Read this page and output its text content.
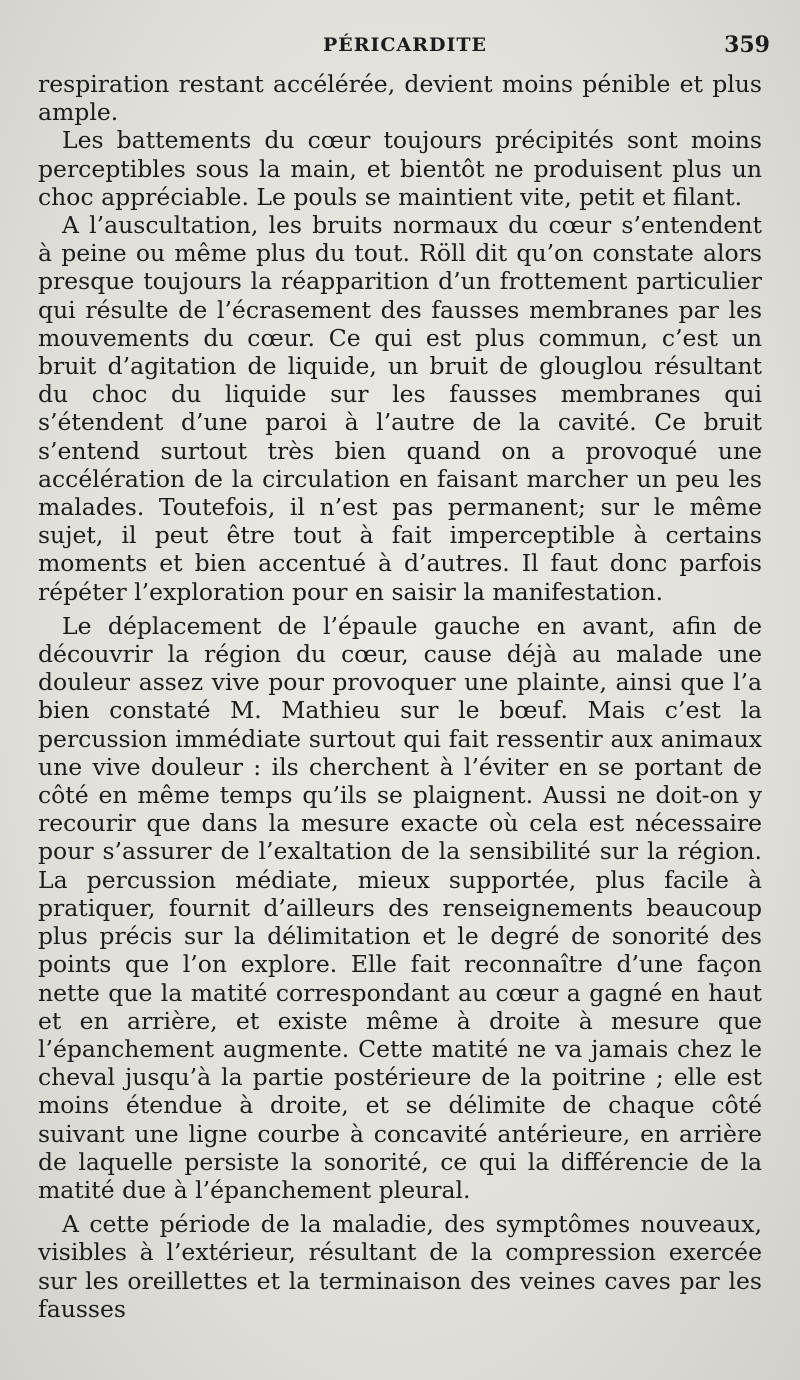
PÉRICARDITE	359

respiration restant accélérée, devient moins pénible et plus ample.

Les battements du cœur toujours précipités sont moins perceptibles sous la main, et bientôt ne produisent plus un choc appréciable. Le pouls se maintient vite, petit et filant.

A l’auscultation, les bruits normaux du cœur s’entendent à peine ou même plus du tout. Röll dit qu’on constate alors presque toujours la réapparition d’un frottement particulier qui résulte de l’écrasement des fausses membranes par les mouvements du cœur. Ce qui est plus commun, c’est un bruit d’agitation de liquide, un bruit de glouglou résultant du choc du liquide sur les fausses membranes qui s’étendent d’une paroi à l’autre de la cavité. Ce bruit s’entend surtout très bien quand on a provoqué une accélération de la circulation en faisant marcher un peu les malades. Toutefois, il n’est pas permanent; sur le même sujet, il peut être tout à fait imperceptible à certains moments et bien accentué à d’autres. Il faut donc parfois répéter l’exploration pour en saisir la manifestation.

Le déplacement de l’épaule gauche en avant, afin de découvrir la région du cœur, cause déjà au malade une douleur assez vive pour provoquer une plainte, ainsi que l’a bien constaté M. Mathieu sur le bœuf. Mais c’est la percussion immédiate surtout qui fait ressentir aux animaux une vive douleur : ils cherchent à l’éviter en se portant de côté en même temps qu’ils se plaignent. Aussi ne doit-on y recourir que dans la mesure exacte où cela est nécessaire pour s’assurer de l’exaltation de la sensibilité sur la région. La percussion médiate, mieux supportée, plus facile à pratiquer, fournit d’ailleurs des renseignements beaucoup plus précis sur la délimitation et le degré de sonorité des points que l’on explore. Elle fait reconnaître d’une façon nette que la matité correspondant au cœur a gagné en haut et en arrière, et existe même à droite à mesure que l’épanchement augmente. Cette matité ne va jamais chez le cheval jusqu’à la partie postérieure de la poitrine ; elle est moins étendue à droite, et se délimite de chaque côté suivant une ligne courbe à concavité antérieure, en arrière de laquelle persiste la sonorité, ce qui la différencie de la matité due à l’épanchement pleural.

A cette période de la maladie, des symptômes nouveaux, visibles à l’extérieur, résultant de la compression exercée sur les oreillettes et la terminaison des veines caves par les fausses
